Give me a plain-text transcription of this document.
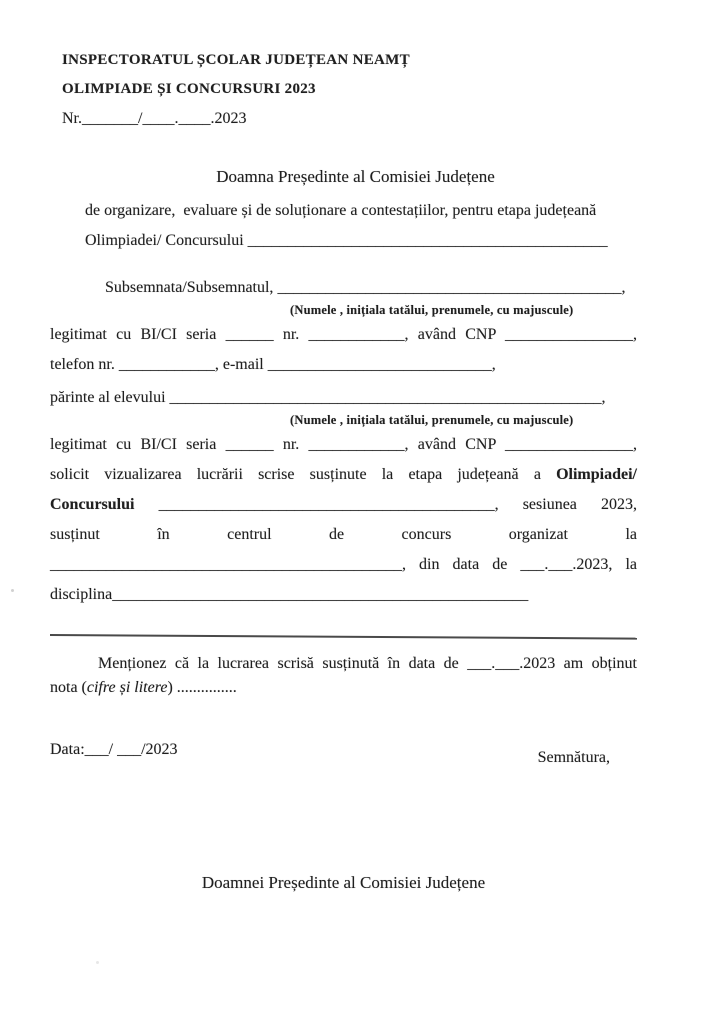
INSPECTORATUL ȘCOLAR JUDEȚEAN NEAMȚ
OLIMPIADE ȘI CONCURSURI 2023
Nr._______/____.____.2023
Doamna Președinte al Comisiei Județene
de organizare,  evaluare și de soluționare a contestațiilor, pentru etapa județeană
Olimpiadei/ Concursului _____________________________________________
Subsemnata/Subsemnatul, ___________________________________________,
(Numele , inițiala tatălui, prenumele, cu majuscule)
legitimat cu BI/CI seria ______ nr. ____________, având CNP ________________,
telefon nr. ____________, e-mail ____________________________,
părinte al elevului ______________________________________________________,
(Numele , inițiala tatălui, prenumele, cu majuscule)
legitimat cu BI/CI seria ______ nr. ____________, având CNP ________________,
solicit vizualizarea lucrării scrise susținute la etapa județeană a Olimpiadei/
Concursului __________________________________________, sesiunea 2023,
susținut în centrul de concurs organizat la
____________________________________________, din data de ___.___.2023, la
disciplina____________________________________________________
Menționez că la lucrarea scrisă susținută în data de ___.___.2023 am obținut
nota (cifre și litere) ...............
Data:___/ ___/2023	Semnătura,
Doamnei Președinte al Comisiei Județene
